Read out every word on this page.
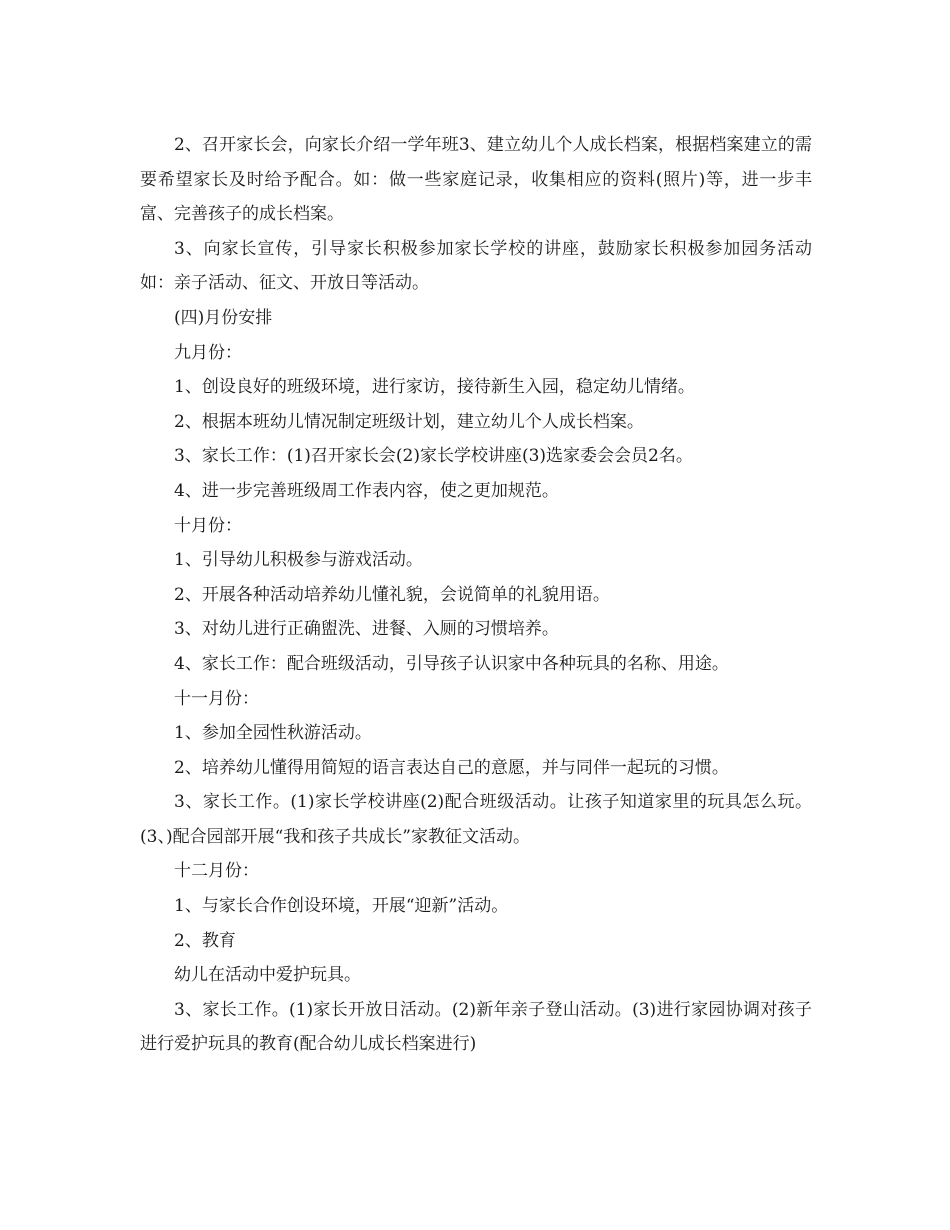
2、召开家长会，向家长介绍一学年班3、建立幼儿个人成长档案，根据档案建立的需要希望家长及时给予配合。如：做一些家庭记录，收集相应的资料(照片)等，进一步丰富、完善孩子的成长档案。

3、向家长宣传，引导家长积极参加家长学校的讲座，鼓励家长积极参加园务活动如：亲子活动、征文、开放日等活动。

(四)月份安排

九月份：

1、创设良好的班级环境，进行家访，接待新生入园，稳定幼儿情绪。

2、根据本班幼儿情况制定班级计划，建立幼儿个人成长档案。

3、家长工作：(1)召开家长会(2)家长学校讲座(3)选家委会会员2名。

4、进一步完善班级周工作表内容，使之更加规范。

十月份：

1、引导幼儿积极参与游戏活动。

2、开展各种活动培养幼儿懂礼貌，会说简单的礼貌用语。

3、对幼儿进行正确盥洗、进餐、入厕的习惯培养。

4、家长工作：配合班级活动，引导孩子认识家中各种玩具的名称、用途。

十一月份：

1、参加全园性秋游活动。

2、培养幼儿懂得用简短的语言表达自己的意愿，并与同伴一起玩的习惯。

3、家长工作。(1)家长学校讲座(2)配合班级活动。让孩子知道家里的玩具怎么玩。(3、)配合园部开展“我和孩子共成长”家教征文活动。

十二月份：

1、与家长合作创设环境，开展“迎新”活动。

2、教育

幼儿在活动中爱护玩具。

3、家长工作。(1)家长开放日活动。(2)新年亲子登山活动。(3)进行家园协调对孩子进行爱护玩具的教育(配合幼儿成长档案进行)
